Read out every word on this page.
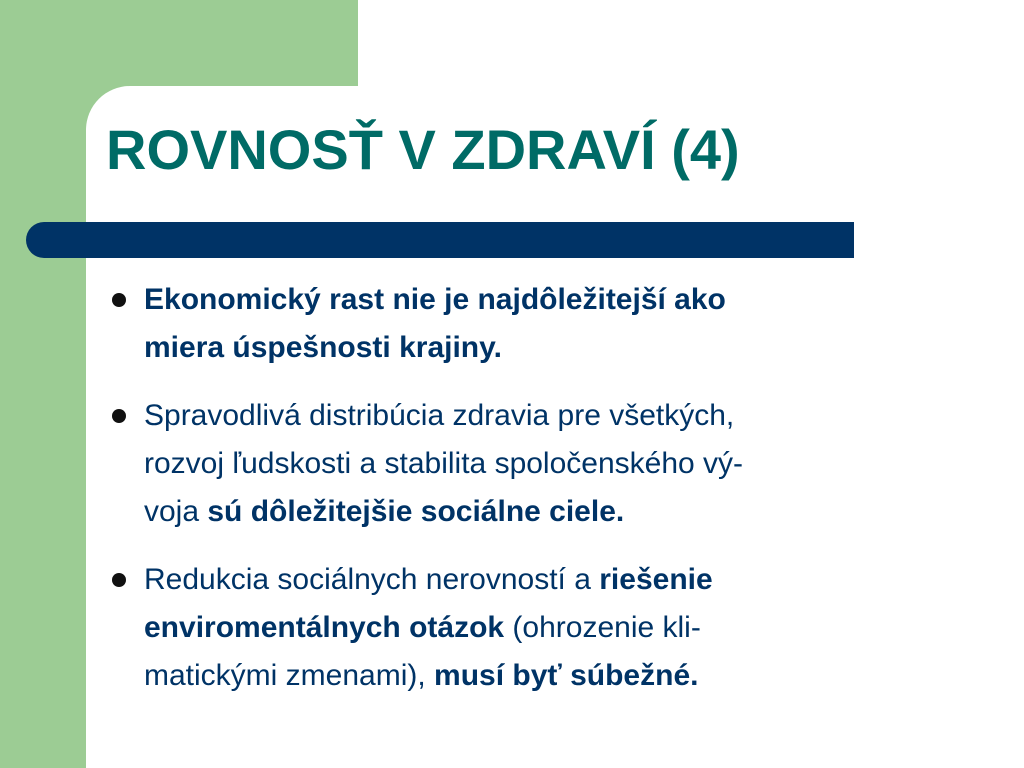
ROVNOSŤ V ZDRAVÍ (4)
Ekonomický rast nie je najdôležitejší ako
miera úspešnosti krajiny.
Spravodlivá distribúcia zdravia pre všetkých,
rozvoj ľudskosti a stabilita spoločenského vý-
voja sú dôležitejšie sociálne ciele.
Redukcia sociálnych nerovností a riešenie
enviromentálnych otázok (ohrozenie kli-
matickými zmenami), musí byť súbežné.
